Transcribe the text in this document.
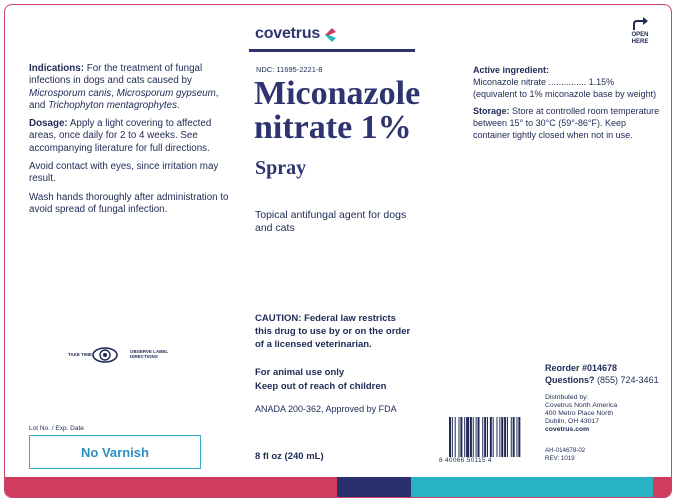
covetrus	OPEN
HERE

Indications: For the treatment of fungal infections in dogs and cats caused by Microsporum canis, Microsporum gypseum, and Trichophyton mentagrophytes.

Dosage: Apply a light covering to affected areas, once daily for 2 to 4 weeks. See accompanying literature for full directions.

Avoid contact with eyes, since irritation may result.

Wash hands thoroughly after administration to avoid spread of fungal infection.

TAKE TIME
OBSERVE LABEL DIRECTIONS
Lot No. / Exp. Date
No Varnish
NDC: 11695-2221-8
Miconazole
nitrate 1%
Spray
Topical antifungal agent for dogs and cats
CAUTION: Federal law restricts this drug to use by or on the order of a licensed veterinarian.
For animal use only
Keep out of reach of children
ANADA 200-362, Approved by FDA
8 fl oz (240 mL)

Active ingredient:
Miconazole nitrate ............... 1.15%
(equivalent to 1% miconazole base by weight)

Storage: Store at controlled room temperature between 15° to 30°C (59°-86°F). Keep container tightly closed when not in use.

Reorder #014678
Questions? (855) 724-3461
Distributed by:
Covetrus North America
400 Metro Place North
Dublin, OH 43017
covetrus.com
AH-014678-02
REV: 1019
8 40066 50115 4
